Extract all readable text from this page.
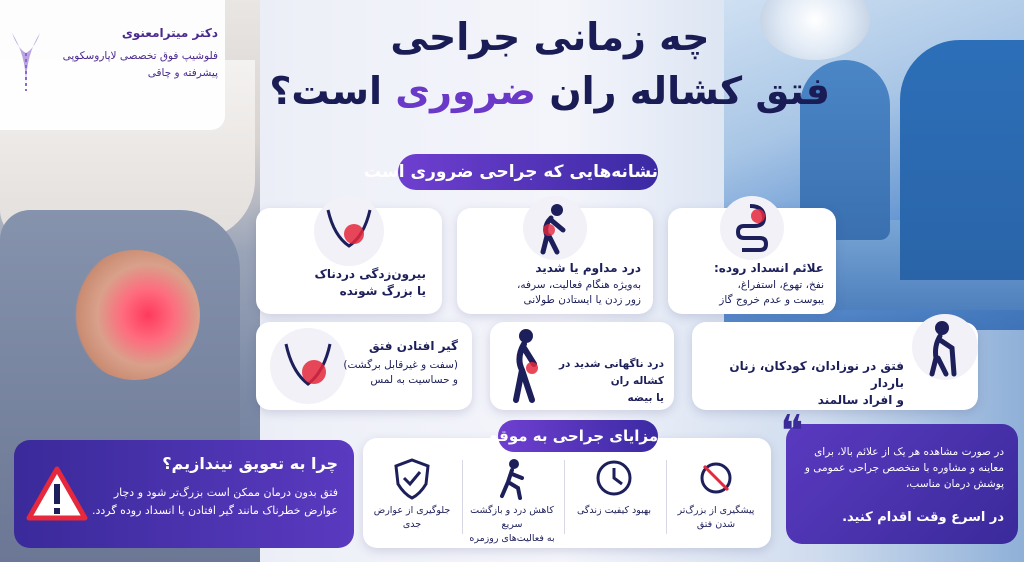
دکتر میترامعنوی
فلوشیپ فوق تخصصی لاپاروسکوپی
پیشرفته و چاقی
چه زمانی جراحی
فتق کشاله ران ضروری است؟
نشانه‌هایی که جراحی ضروری است
علائم انسداد روده:
نفخ، تهوع، استفراغ،
یبوست و عدم خروج گاز
درد مداوم یا شدید
به‌ویژه هنگام فعالیت، سرفه،
زور زدن یا ایستادن طولانی
بیرون‌زدگی دردناک
یا بزرگ شونده
فتق در نوزادان، کودکان، زنان باردار
و افراد سالمند
درد ناگهانی شدید در کشاله ران
یا بیضه
گیر افتادن فتق
(سفت و غیرقابل برگشت)
و حساسیت به لمس
چرا به تعویق نیندازیم؟
فتق بدون درمان ممکن است بزرگ‌تر شود و دچار عوارض خطرناک مانند گیر افتادن یا انسداد روده گردد.	پیشگیری از بزرگ‌تر
شدن فتق
بهبود کیفیت زندگی
کاهش درد و بازگشت سریع
به فعالیت‌های روزمره
جلوگیری از عوارض
جدی
مزایای جراحی به موقع	❝ در صورت مشاهده هر یک از علائم بالا، برای معاینه و مشاوره با متخصص جراحی عمومی و پوشش درمان مناسب،
در اسرع وقت اقدام کنید.
